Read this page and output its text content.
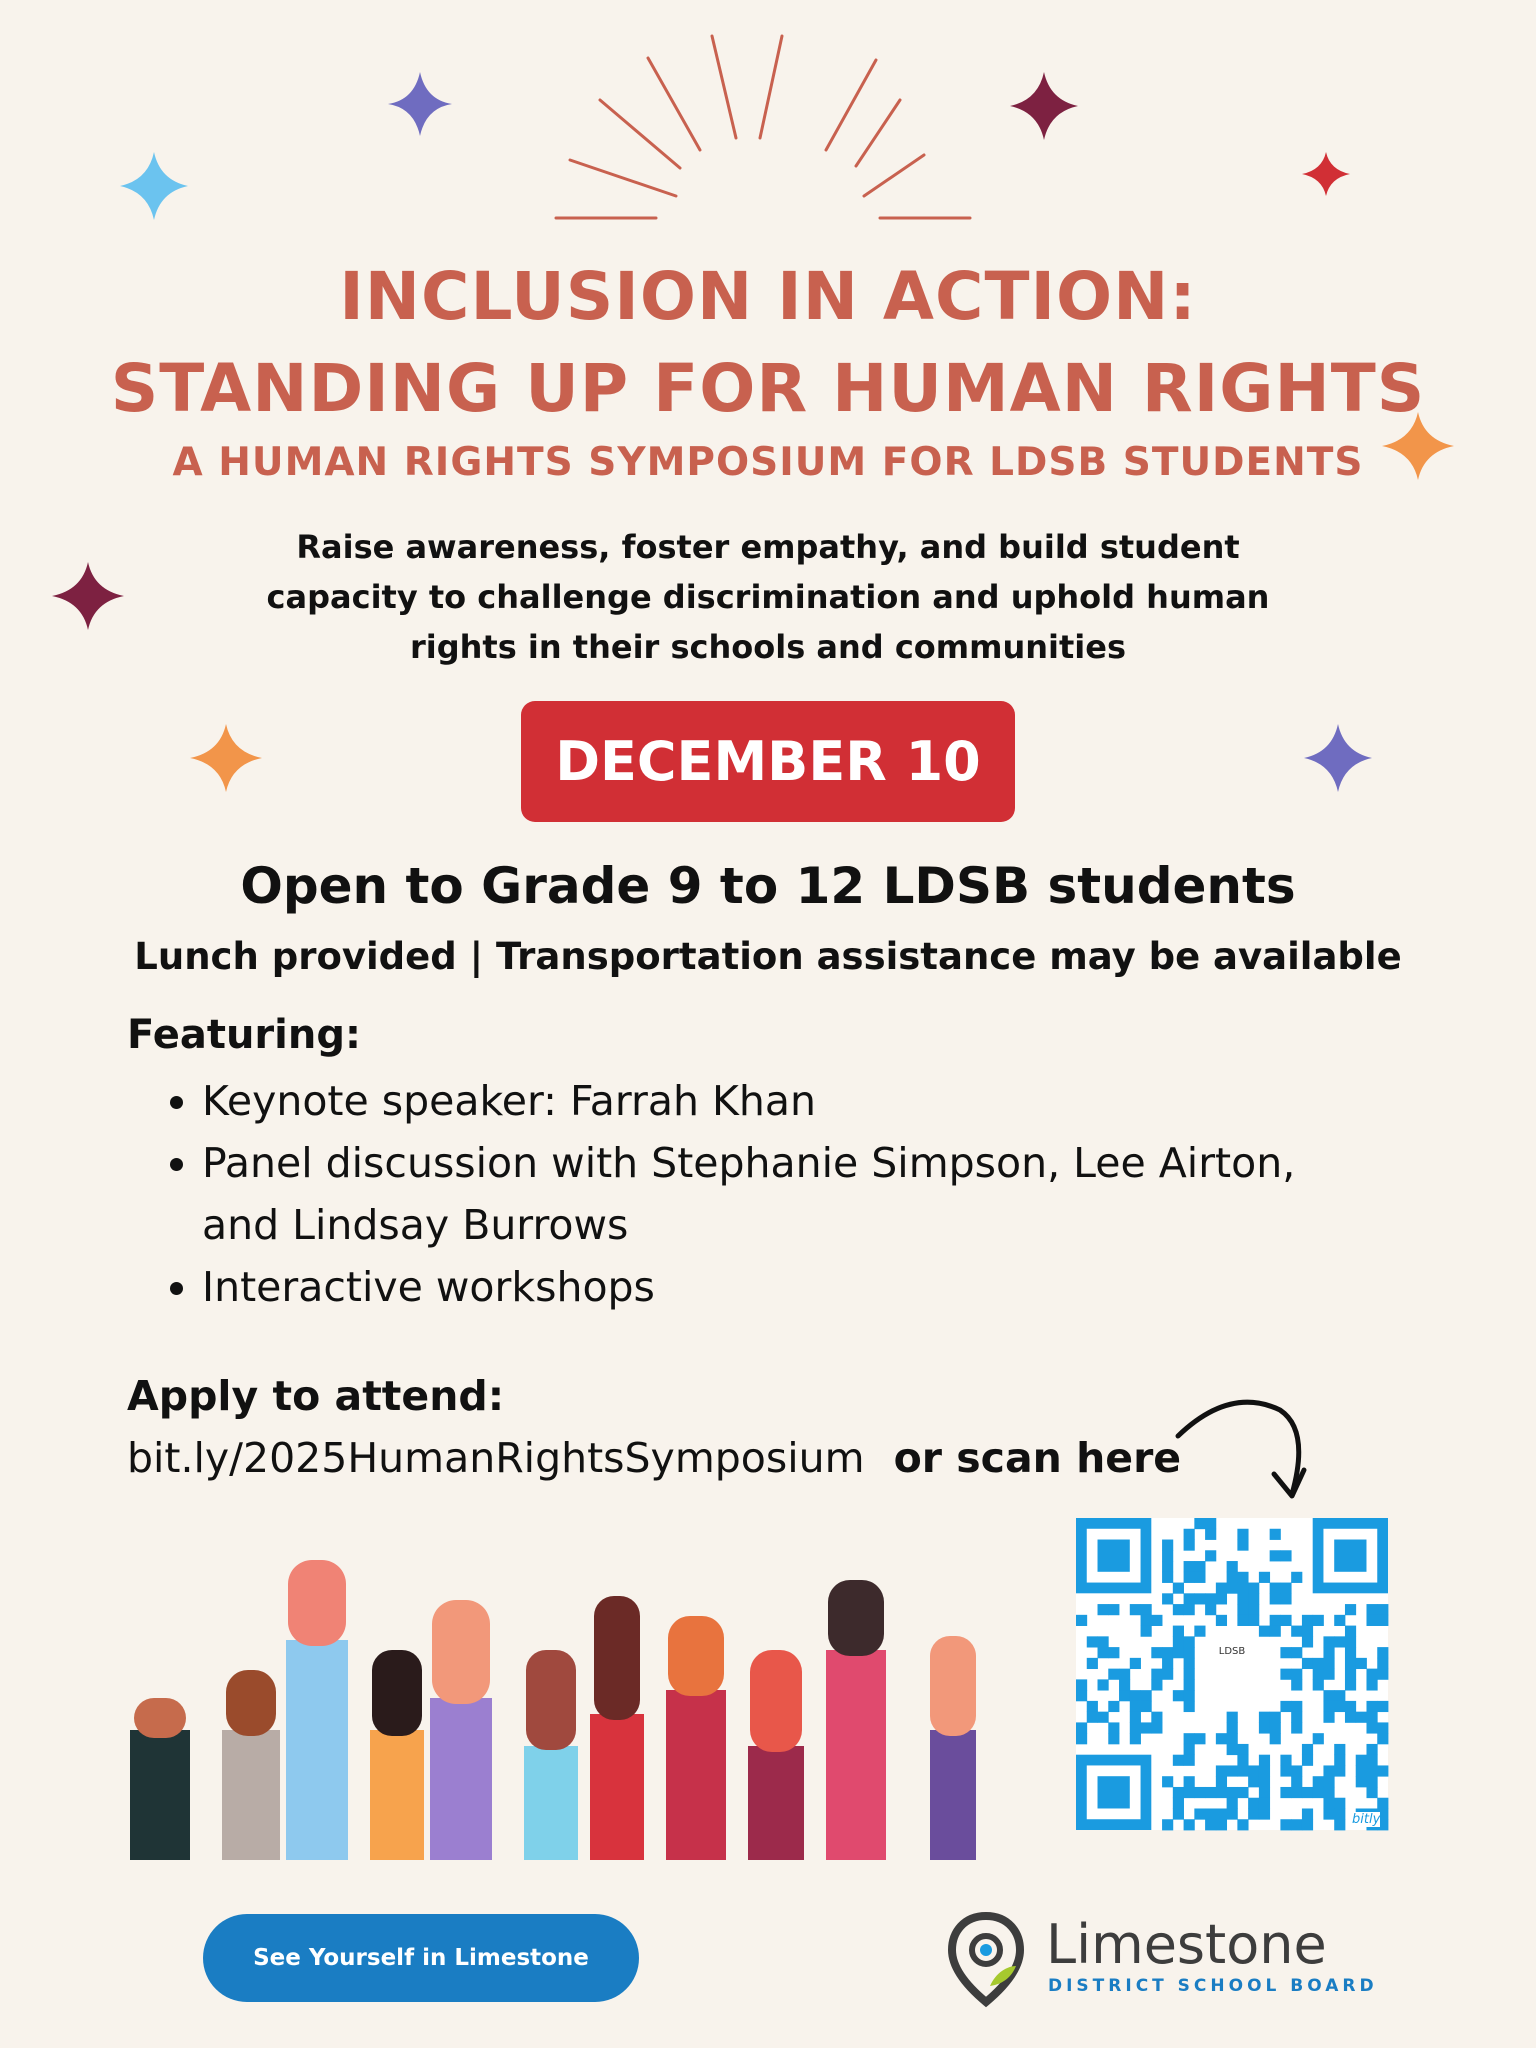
INCLUSION IN ACTION:
STANDING UP FOR HUMAN RIGHTS
A HUMAN RIGHTS SYMPOSIUM FOR LDSB STUDENTS
Raise awareness, foster empathy, and build student capacity to challenge discrimination and uphold human rights in their schools and communities
DECEMBER 10
Open to Grade 9 to 12 LDSB students
Lunch provided | Transportation assistance may be available
Featuring:
• Keynote speaker: Farrah Khan
• Panel discussion with Stephanie Simpson, Lee Airton, and Lindsay Burrows
• Interactive workshops
Apply to attend:
bit.ly/2025HumanRightsSymposium or scan here
LDSB
bitly
See Yourself in Limestone	Limestone
DISTRICT SCHOOL BOARD
